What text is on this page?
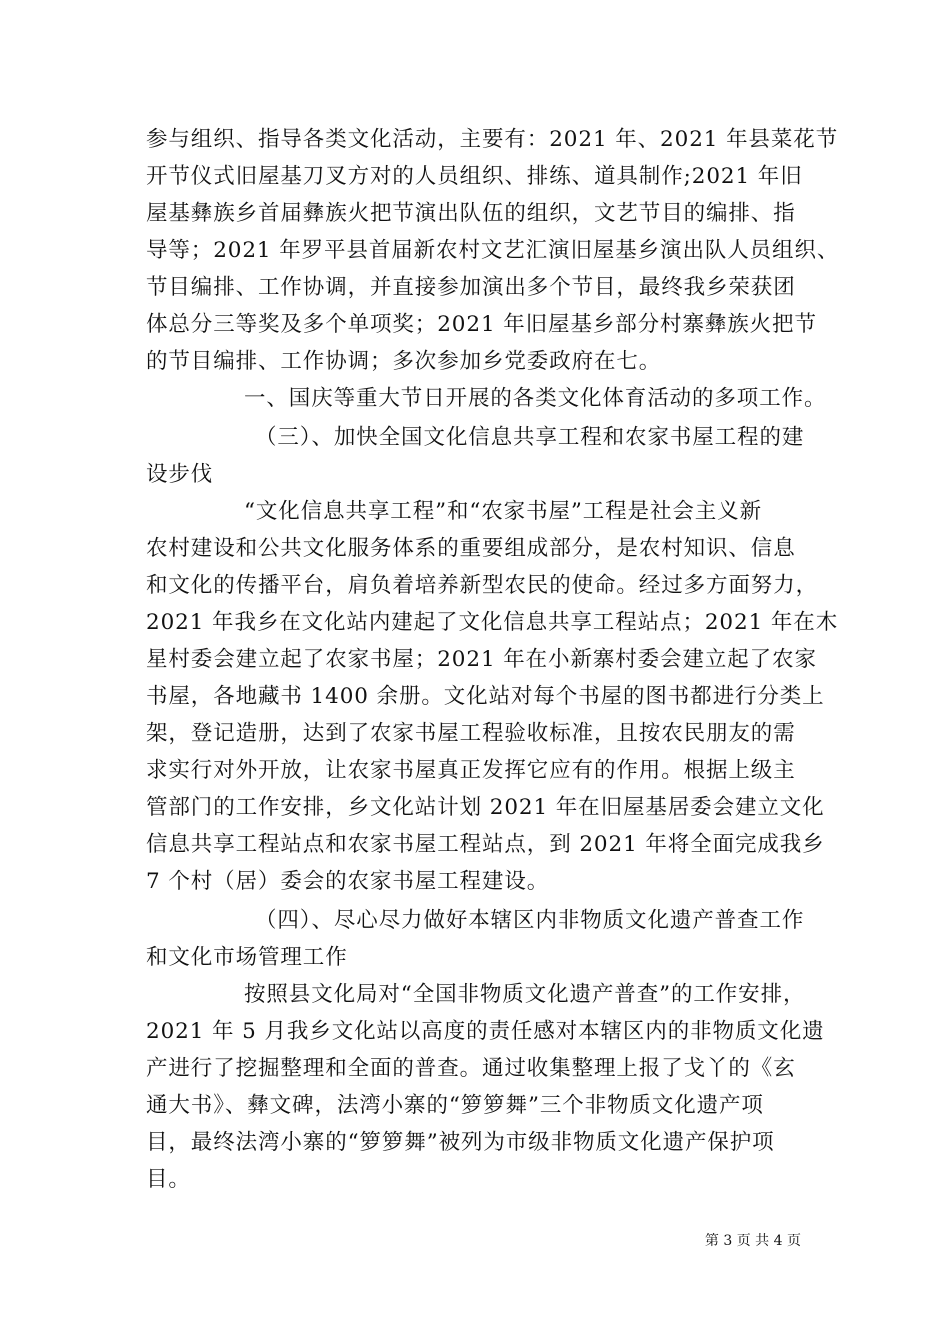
参与组织、指导各类文化活动，主要有：2021 年、2021 年县菜花节
开节仪式旧屋基刀叉方对的人员组织、排练、道具制作;2021 年旧
屋基彝族乡首届彝族火把节演出队伍的组织，文艺节目的编排、指
导等；2021 年罗平县首届新农村文艺汇演旧屋基乡演出队人员组织、
节目编排、工作协调，并直接参加演出多个节目，最终我乡荣获团
体总分三等奖及多个单项奖；2021 年旧屋基乡部分村寨彝族火把节
的节目编排、工作协调；多次参加乡党委政府在七。
一、国庆等重大节日开展的各类文化体育活动的多项工作。
（三）、加快全国文化信息共享工程和农家书屋工程的建
设步伐
“文化信息共享工程”和“农家书屋”工程是社会主义新
农村建设和公共文化服务体系的重要组成部分，是农村知识、信息
和文化的传播平台，肩负着培养新型农民的使命。经过多方面努力，
2021 年我乡在文化站内建起了文化信息共享工程站点；2021 年在木
星村委会建立起了农家书屋；2021 年在小新寨村委会建立起了农家
书屋，各地藏书 1400 余册。文化站对每个书屋的图书都进行分类上
架，登记造册，达到了农家书屋工程验收标准，且按农民朋友的需
求实行对外开放，让农家书屋真正发挥它应有的作用。根据上级主
管部门的工作安排，乡文化站计划 2021 年在旧屋基居委会建立文化
信息共享工程站点和农家书屋工程站点，到 2021 年将全面完成我乡
7 个村（居）委会的农家书屋工程建设。
（四）、尽心尽力做好本辖区内非物质文化遗产普查工作
和文化市场管理工作
按照县文化局对“全国非物质文化遗产普查”的工作安排，
2021 年 5 月我乡文化站以高度的责任感对本辖区内的非物质文化遗
产进行了挖掘整理和全面的普查。通过收集整理上报了戈丫的《玄
通大书》、彝文碑，法湾小寨的“箩箩舞”三个非物质文化遗产项
目，最终法湾小寨的“箩箩舞”被列为市级非物质文化遗产保护项
目。
第 3 页 共 4 页
